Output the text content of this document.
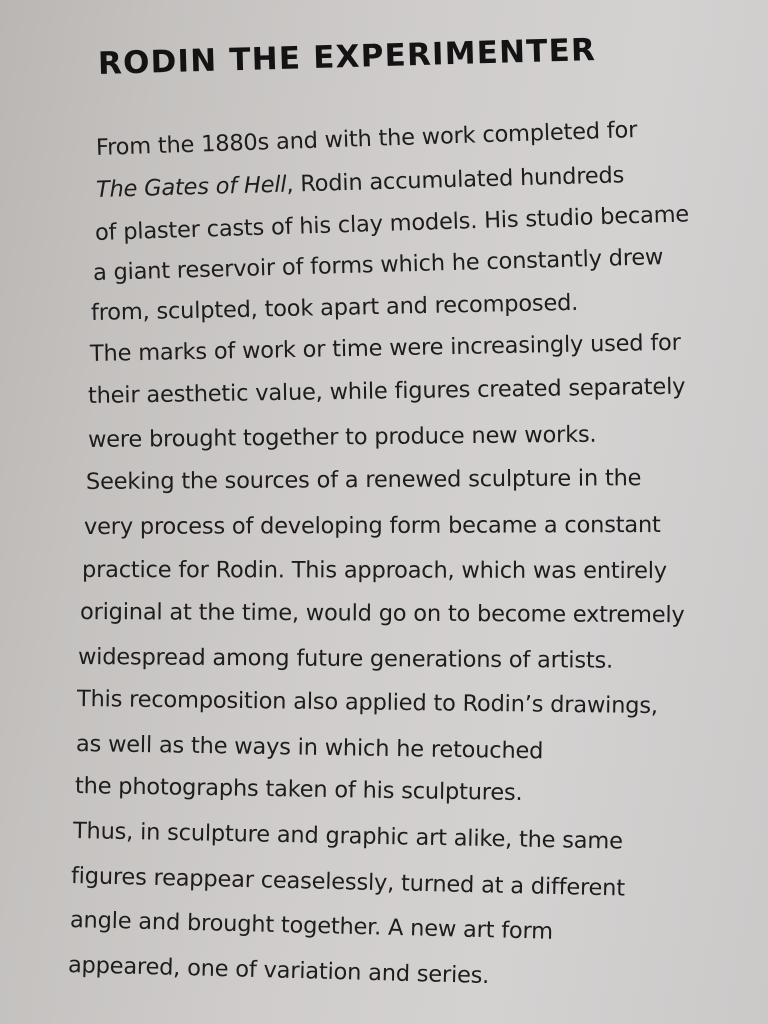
RODIN THE EXPERIMENTER
From the 1880s and with the work completed for
The Gates of Hell, Rodin accumulated hundreds
of plaster casts of his clay models. His studio became
a giant reservoir of forms which he constantly drew
from, sculpted, took apart and recomposed.
The marks of work or time were increasingly used for
their aesthetic value, while figures created separately
were brought together to produce new works.
Seeking the sources of a renewed sculpture in the
very process of developing form became a constant
practice for Rodin. This approach, which was entirely
original at the time, would go on to become extremely
widespread among future generations of artists.
This recomposition also applied to Rodin’s drawings,
as well as the ways in which he retouched
the photographs taken of his sculptures.
Thus, in sculpture and graphic art alike, the same
figures reappear ceaselessly, turned at a different
angle and brought together. A new art form
appeared, one of variation and series.
